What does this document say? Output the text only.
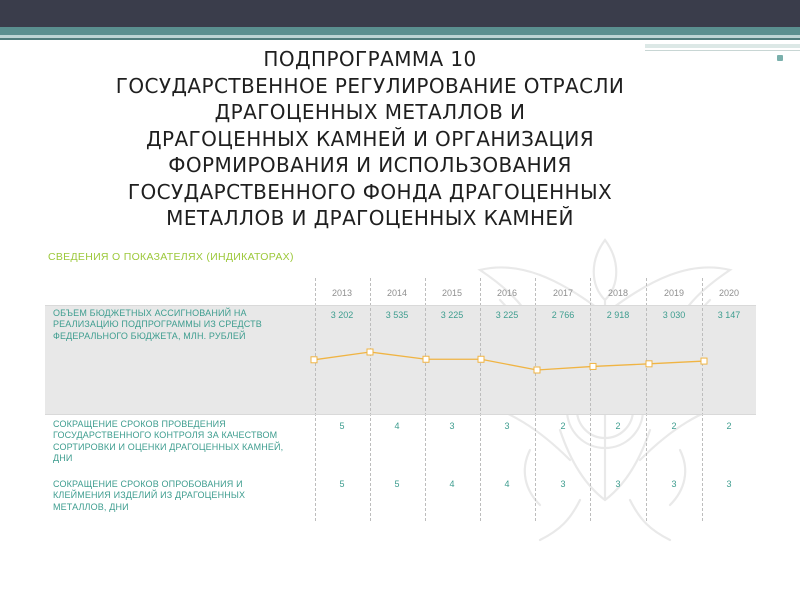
ПОДПРОГРАММА 10
ГОСУДАРСТВЕННОЕ РЕГУЛИРОВАНИЕ ОТРАСЛИ
ДРАГОЦЕННЫХ МЕТАЛЛОВ И
ДРАГОЦЕННЫХ КАМНЕЙ И ОРГАНИЗАЦИЯ
ФОРМИРОВАНИЯ И ИСПОЛЬЗОВАНИЯ
ГОСУДАРСТВЕННОГО ФОНДА ДРАГОЦЕННЫХ
МЕТАЛЛОВ И ДРАГОЦЕННЫХ КАМНЕЙ
СВЕДЕНИЯ О ПОКАЗАТЕЛЯХ (ИНДИКАТОРАХ)
2013	2014	2015	2016	2017	2018	2019	2020
ОБЪЕМ БЮДЖЕТНЫХ АССИГНОВАНИЙ НА
РЕАЛИЗАЦИЮ ПОДПРОГРАММЫ ИЗ СРЕДСТВ
ФЕДЕРАЛЬНОГО БЮДЖЕТА, МЛН. РУБЛЕЙ
3 202	3 535	3 225	3 225	2 766	2 918	3 030	3 147
СОКРАЩЕНИЕ СРОКОВ ПРОВЕДЕНИЯ
ГОСУДАРСТВЕННОГО КОНТРОЛЯ ЗА КАЧЕСТВОМ
СОРТИРОВКИ И ОЦЕНКИ ДРАГОЦЕННЫХ КАМНЕЙ,
ДНИ
5	4	3	3	2	2	2	2
СОКРАЩЕНИЕ СРОКОВ ОПРОБОВАНИЯ И
КЛЕЙМЕНИЯ ИЗДЕЛИЙ ИЗ ДРАГОЦЕННЫХ
МЕТАЛЛОВ, ДНИ
5	5	4	4	3	3	3	3
